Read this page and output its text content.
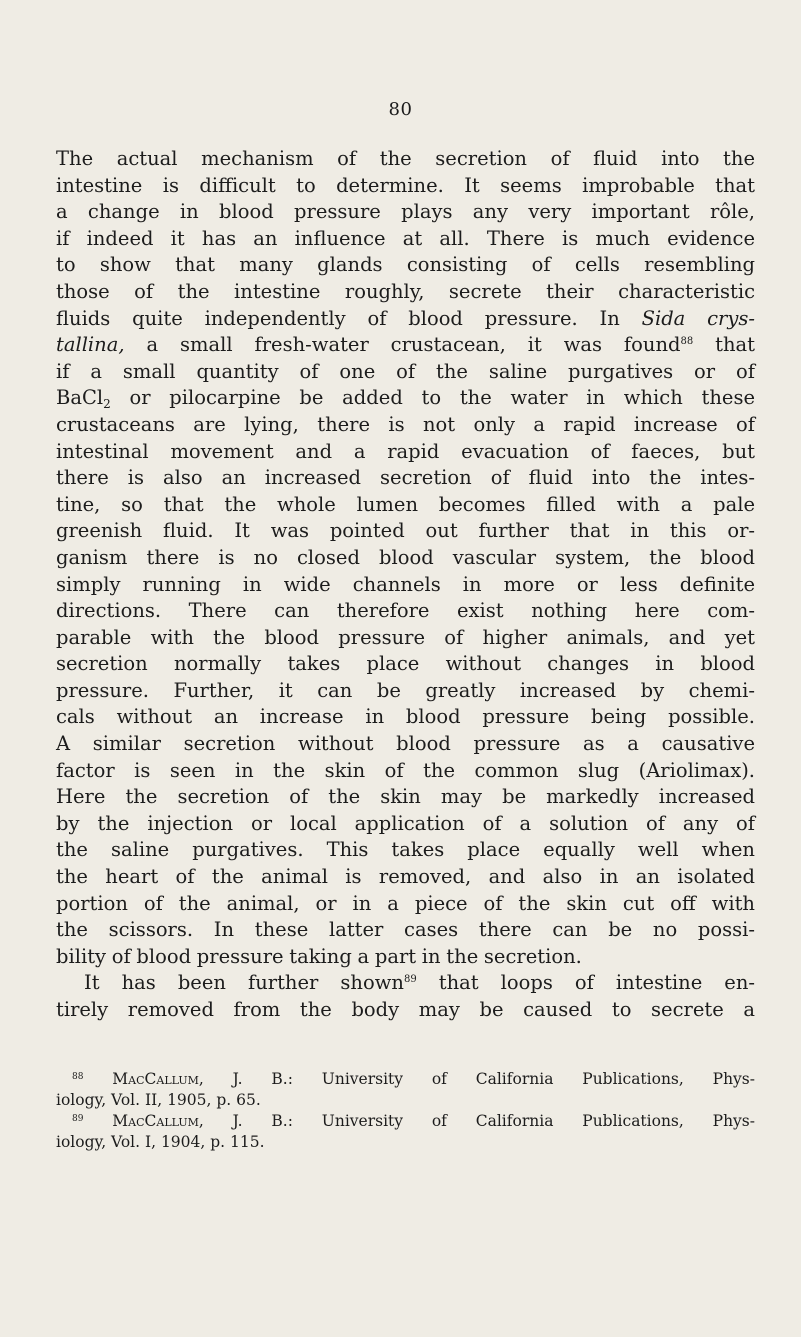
80
The actual mechanism of the secretion of fluid into the
intestine is difficult to determine. It seems improbable that
a change in blood pressure plays any very important rôle,
if indeed it has an influence at all. There is much evidence
to show that many glands consisting of cells resembling
those of the intestine roughly, secrete their characteristic
fluids quite independently of blood pressure. In Sida crys-
tallina, a small fresh-water crustacean, it was found$^{88}$ that
if a small quantity of one of the saline purgatives or of
BaCl$_2$ or pilocarpine be added to the water in which these
crustaceans are lying, there is not only a rapid increase of
intestinal movement and a rapid evacuation of faeces, but
there is also an increased secretion of fluid into the intes-
tine, so that the whole lumen becomes filled with a pale
greenish fluid. It was pointed out further that in this or-
ganism there is no closed blood vascular system, the blood
simply running in wide channels in more or less definite
directions. There can therefore exist nothing here com-
parable with the blood pressure of higher animals, and yet
secretion normally takes place without changes in blood
pressure. Further, it can be greatly increased by chemi-
cals without an increase in blood pressure being possible.
A similar secretion without blood pressure as a causative
factor is seen in the skin of the common slug (Ariolimax).
Here the secretion of the skin may be markedly increased
by the injection or local application of a solution of any of
the saline purgatives. This takes place equally well when
the heart of the animal is removed, and also in an isolated
portion of the animal, or in a piece of the skin cut off with
the scissors. In these latter cases there can be no possi-
bility of blood pressure taking a part in the secretion.
It has been further shown$^{89}$ that loops of intestine en-
tirely removed from the body may be caused to secrete a
$^{88}$ MacCallum, J. B.: University of California Publications, Phys-
iology, Vol. II, 1905, p. 65.
$^{89}$ MacCallum, J. B.: University of California Publications, Phys-
iology, Vol. I, 1904, p. 115.
